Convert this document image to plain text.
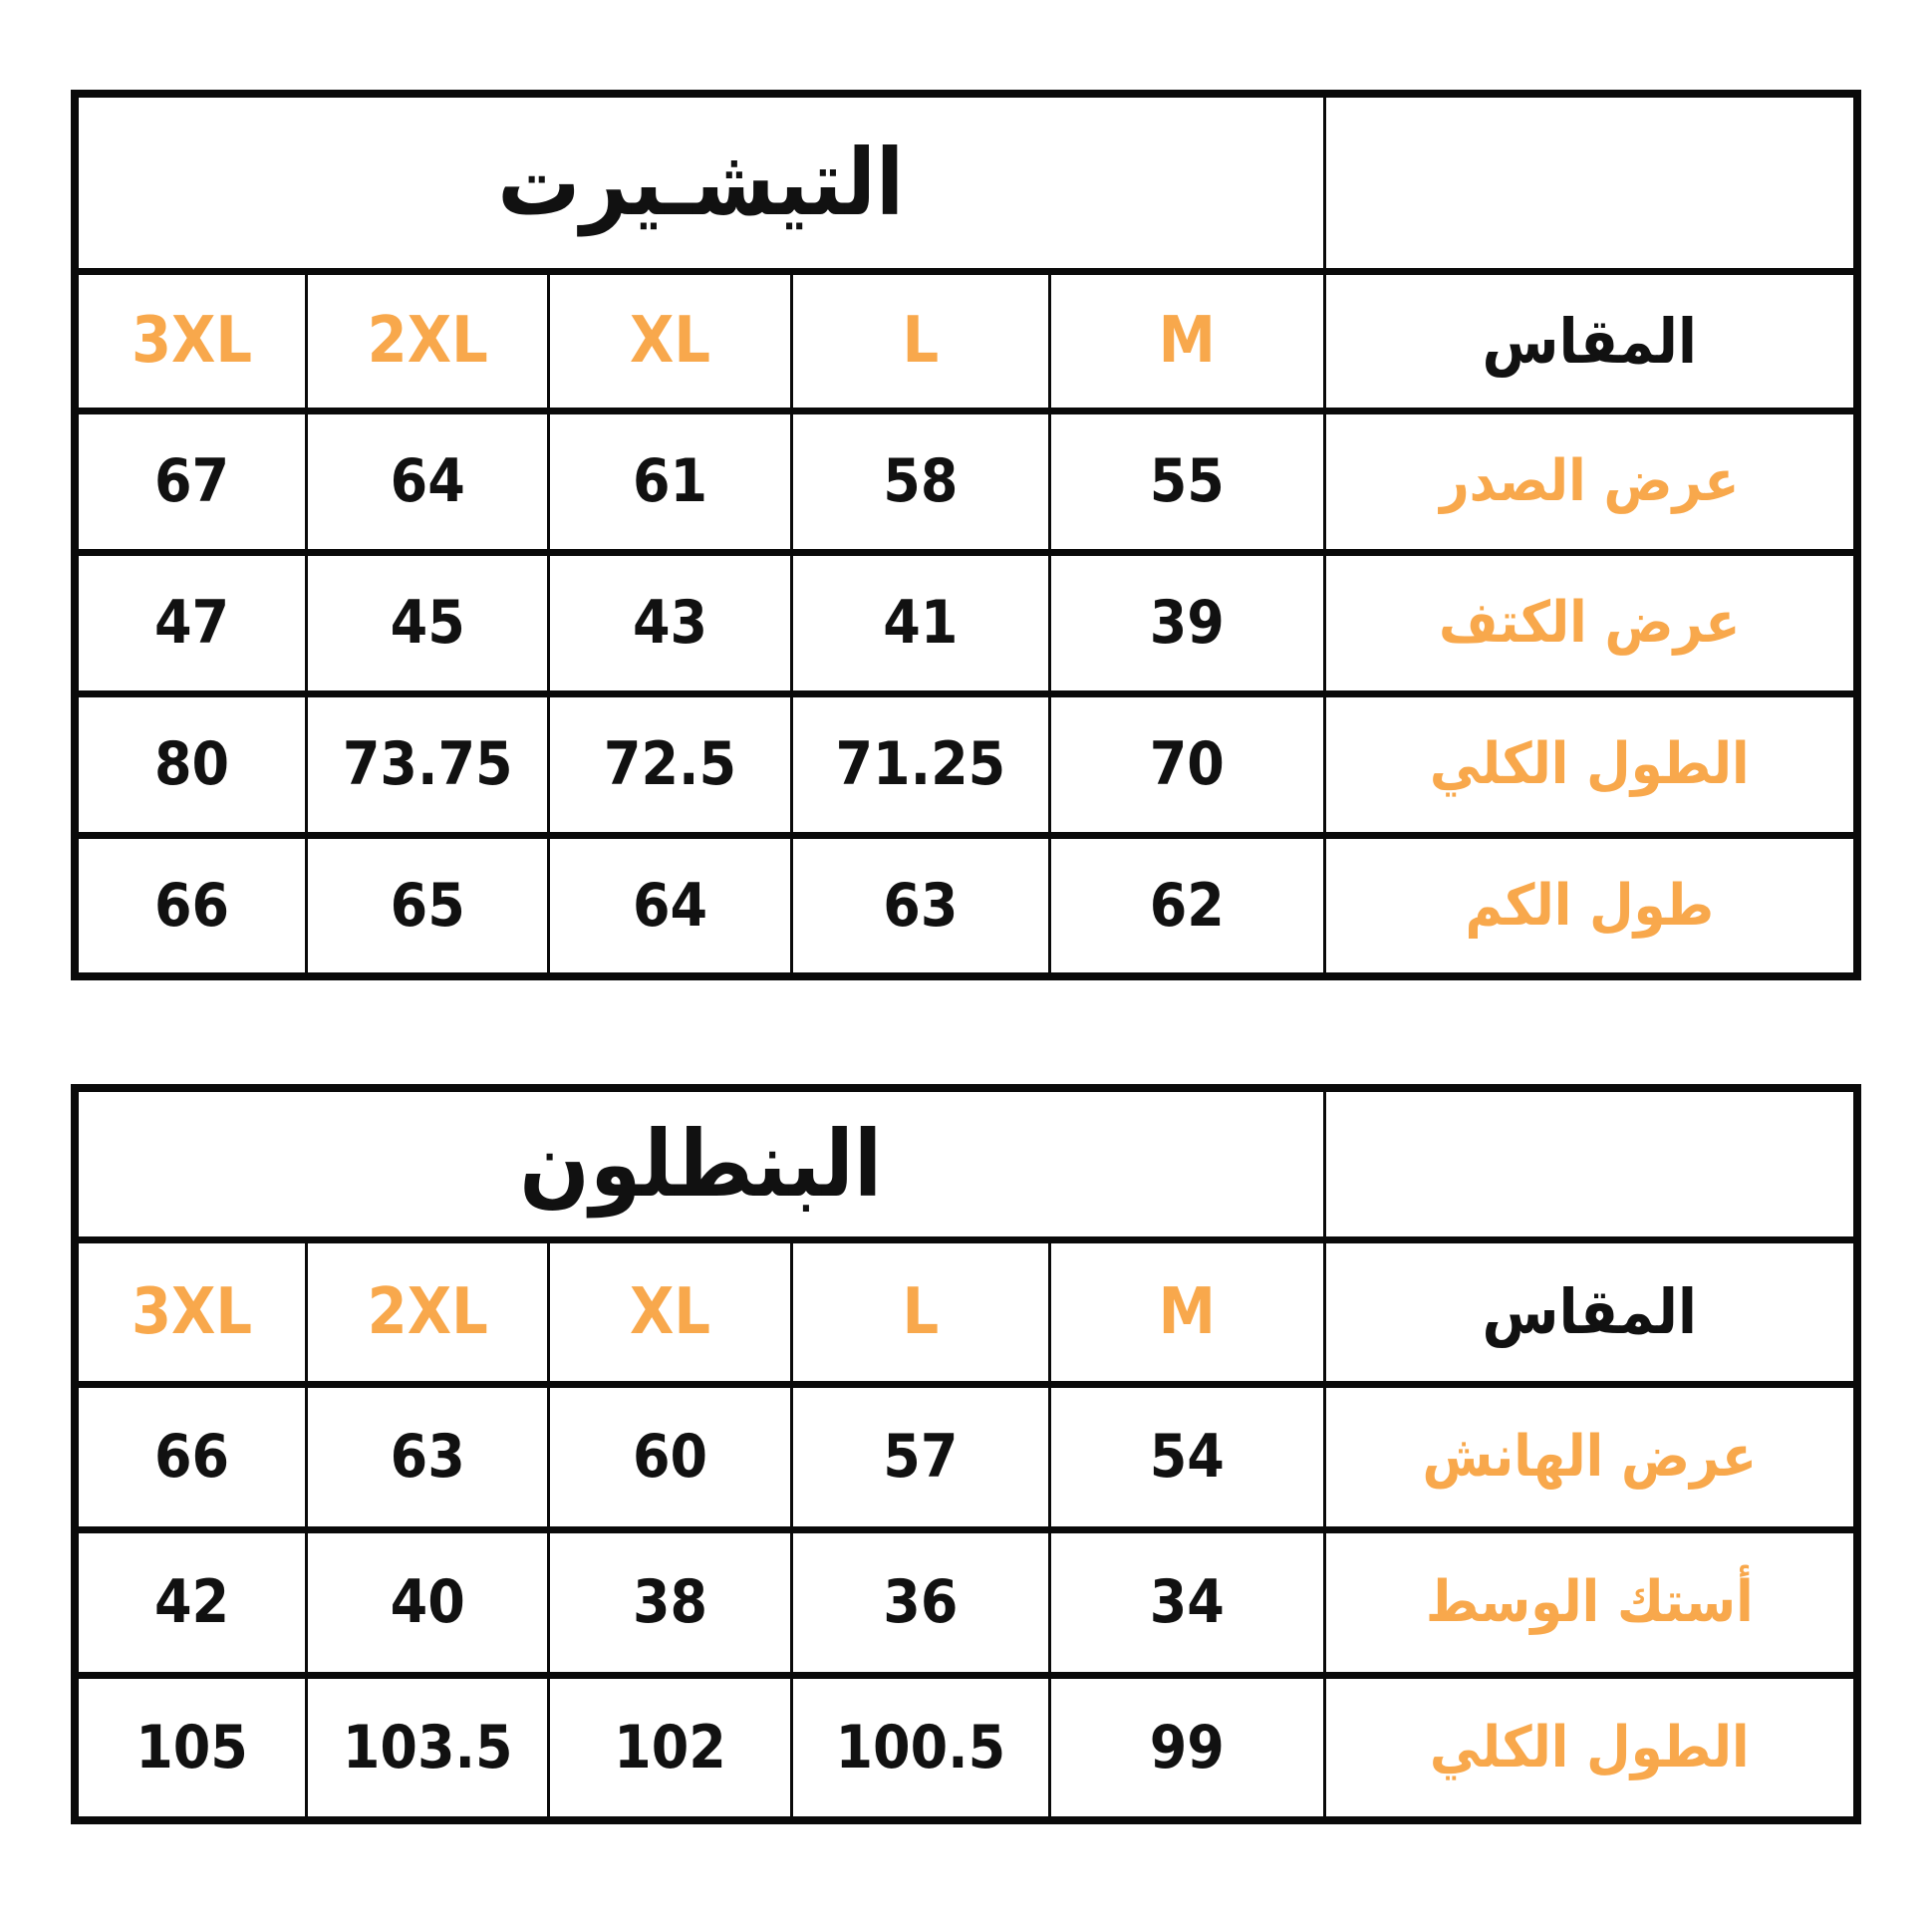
التيشـيرت					
3XL	2XL	XL	L	M	المقاس
67	64	61	58	55	عرض الصدر
47	45	43	41	39	عرض الكتف
80	73.75	72.5	71.25	70	الطول الكلي
66	65	64	63	62	طول الكم
البنطلون					
3XL	2XL	XL	L	M	المقاس
66	63	60	57	54	عرض الهانش
42	40	38	36	34	أستك الوسط
105	103.5	102	100.5	99	الطول الكلي
